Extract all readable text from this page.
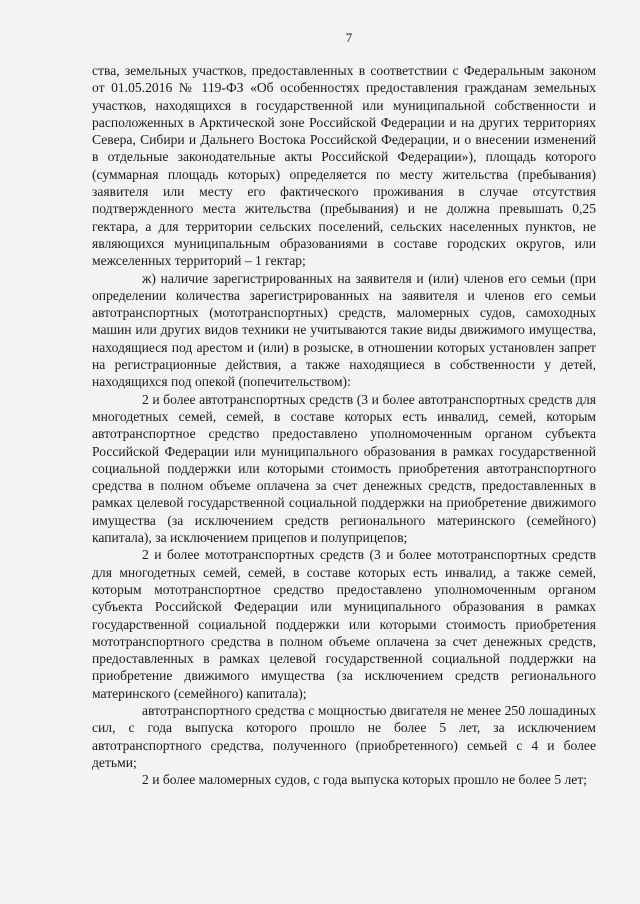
7

ства, земельных участков, предоставленных в соответствии с Федеральным законом от 01.05.2016 № 119-ФЗ «Об особенностях предоставления гражданам земельных участков, находящихся в государственной или муниципальной собственности и расположенных в Арктической зоне Российской Федерации и на других территориях Севера, Сибири и Дальнего Востока Российской Федерации, и о внесении изменений в отдельные законодательные акты Российской Федерации»), площадь которого (суммарная площадь которых) определяется по месту жительства (пребывания) заявителя или месту его фактического проживания в случае отсутствия подтвержденного места жительства (пребывания) и не должна превышать 0,25 гектара, а для территории сельских поселений, сельских населенных пунктов, не являющихся муниципальным образованиями в составе городских округов, или межселенных территорий – 1 гектар;

ж) наличие зарегистрированных на заявителя и (или) членов его семьи (при определении количества зарегистрированных на заявителя и членов его семьи автотранспортных (мототранспортных) средств, маломерных судов, самоходных машин или других видов техники не учитываются такие виды движимого имущества, находящиеся под арестом и (или) в розыске, в отношении которых установлен запрет на регистрационные действия, а также находящиеся в собственности у детей, находящихся под опекой (попечительством):

2 и более автотранспортных средств (3 и более автотранспортных средств для многодетных семей, семей, в составе которых есть инвалид, семей, которым автотранспортное средство предоставлено уполномоченным органом субъекта Российской Федерации или муниципального образования в рамках государственной социальной поддержки или которыми стоимость приобретения автотранспортного средства в полном объеме оплачена за счет денежных средств, предоставленных в рамках целевой государственной социальной поддержки на приобретение движимого имущества (за исключением средств регионального материнского (семейного) капитала), за исключением прицепов и полуприцепов;

2 и более мототранспортных средств (3 и более мототранспортных средств для многодетных семей, семей, в составе которых есть инвалид, а также семей, которым мототранспортное средство предоставлено уполномоченным органом субъекта Российской Федерации или муниципального образования в рамках государственной социальной поддержки или которыми стоимость приобретения мототранспортного средства в полном объеме оплачена за счет денежных средств, предоставленных в рамках целевой государственной социальной поддержки на приобретение движимого имущества (за исключением средств регионального материнского (семейного) капитала);

автотранспортного средства с мощностью двигателя не менее 250 лошадиных сил, с года выпуска которого прошло не более 5 лет, за исключением автотранспортного средства, полученного (приобретенного) семьей с 4 и более детьми;

2 и более маломерных судов, с года выпуска которых прошло не более 5 лет;
